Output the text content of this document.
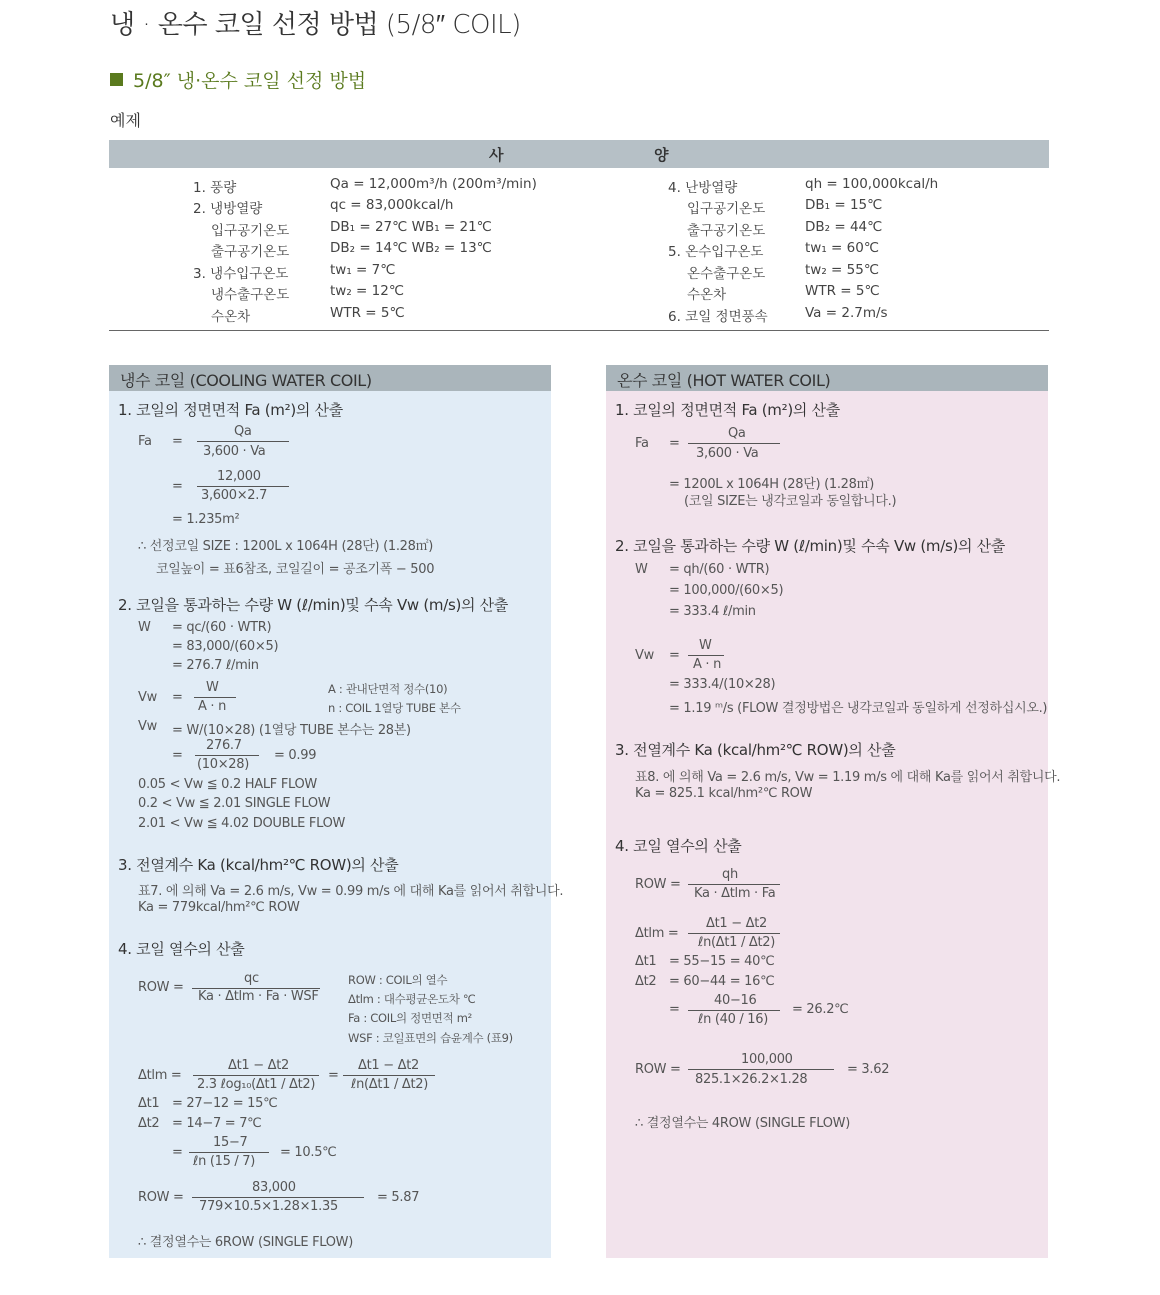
냉 · 온수 코일 선정 방법 (5/8″ COIL)
5/8″ 냉·온수 코일 선정 방법
예제
사	양
1. 풍량	Qa = 12,000m³/h (200m³/min)
2. 냉방열량	qc = 83,000kcal/h
입구공기온도	DB₁ = 27℃ WB₁ = 21℃
출구공기온도	DB₂ = 14℃ WB₂ = 13℃
3. 냉수입구온도	tw₁ = 7℃
냉수출구온도	tw₂ = 12℃
수온차	WTR = 5℃
4. 난방열량	qh = 100,000kcal/h
입구공기온도	DB₁ = 15℃
출구공기온도	DB₂ = 44℃
5. 온수입구온도	tw₁ = 60℃
온수출구온도	tw₂ = 55℃
수온차	WTR = 5℃
6. 코일 정면풍속	Va = 2.7m/s
냉수 코일 (COOLING WATER COIL)
1. 코일의 정면면적 Fa (m²)의 산출
Fa =
Qa
3,600 · Va
=
12,000
3,600×2.7
= 1.235m²
∴ 선정코일 SIZE : 1200L x 1064H (28단) (1.28㎡)
코일높이 = 표6참조, 코일길이 = 공조기폭 − 500
2. 코일을 통과하는 수량 W (ℓ/min)및 수속 Vw (m/s)의 산출
W = qc/(60 · WTR)
= 83,000/(60×5)
= 276.7 ℓ/min
Vw =
W
A · n
A : 관내단면적 정수(10)
n : COIL 1열당 TUBE 본수
Vw = W/(10×28) (1열당 TUBE 본수는 28본)
=
276.7
(10×28)
= 0.99
0.05 < Vw ≦ 0.2 HALF FLOW
0.2 < Vw ≦ 2.01 SINGLE FLOW
2.01 < Vw ≦ 4.02 DOUBLE FLOW
3. 전열계수 Ka (kcal/hm²℃ ROW)의 산출
표7. 에 의해 Va = 2.6 m/s, Vw = 0.99 m/s 에 대해 Ka를 읽어서 취합니다.
Ka = 779kcal/hm²℃ ROW
4. 코일 열수의 산출
ROW =
qc
Ka · Δtlm · Fa · WSF
ROW : COIL의 열수
Δtlm : 대수평균온도차 ℃
Fa : COIL의 정면면적 m²
WSF : 코일표면의 습윤계수 (표9)
Δtlm =
Δt1 − Δt2
2.3 ℓog₁₀(Δt1 / Δt2)
=
Δt1 − Δt2
ℓn(Δt1 / Δt2)
Δt1 = 27−12 = 15℃
Δt2 = 14−7 = 7℃
=
15−7
ℓn (15 / 7)
= 10.5℃
ROW =
83,000
779×10.5×1.28×1.35
= 5.87
∴ 결정열수는 6ROW (SINGLE FLOW)
온수 코일 (HOT WATER COIL)
1. 코일의 정면면적 Fa (m²)의 산출
Fa =
Qa
3,600 · Va
= 1200L x 1064H (28단) (1.28㎡)
(코일 SIZE는 냉각코일과 동일합니다.)
2. 코일을 통과하는 수량 W (ℓ/min)및 수속 Vw (m/s)의 산출
W = qh/(60 · WTR)
= 100,000/(60×5)
= 333.4 ℓ/min
Vw =
W
A · n
= 333.4/(10×28)
= 1.19 ᵐ/s (FLOW 결정방법은 냉각코일과 동일하게 선정하십시오.)
3. 전열계수 Ka (kcal/hm²℃ ROW)의 산출
표8. 에 의해 Va = 2.6 m/s, Vw = 1.19 m/s 에 대해 Ka를 읽어서 취합니다.
Ka = 825.1 kcal/hm²℃ ROW
4. 코일 열수의 산출
ROW =
qh
Ka · Δtlm · Fa
Δtlm =
Δt1 − Δt2
ℓn(Δt1 / Δt2)
Δt1 = 55−15 = 40℃
Δt2 = 60−44 = 16℃
=
40−16
ℓn (40 / 16)
= 26.2℃
ROW =
100,000
825.1×26.2×1.28
= 3.62
∴ 결정열수는 4ROW (SINGLE FLOW)
